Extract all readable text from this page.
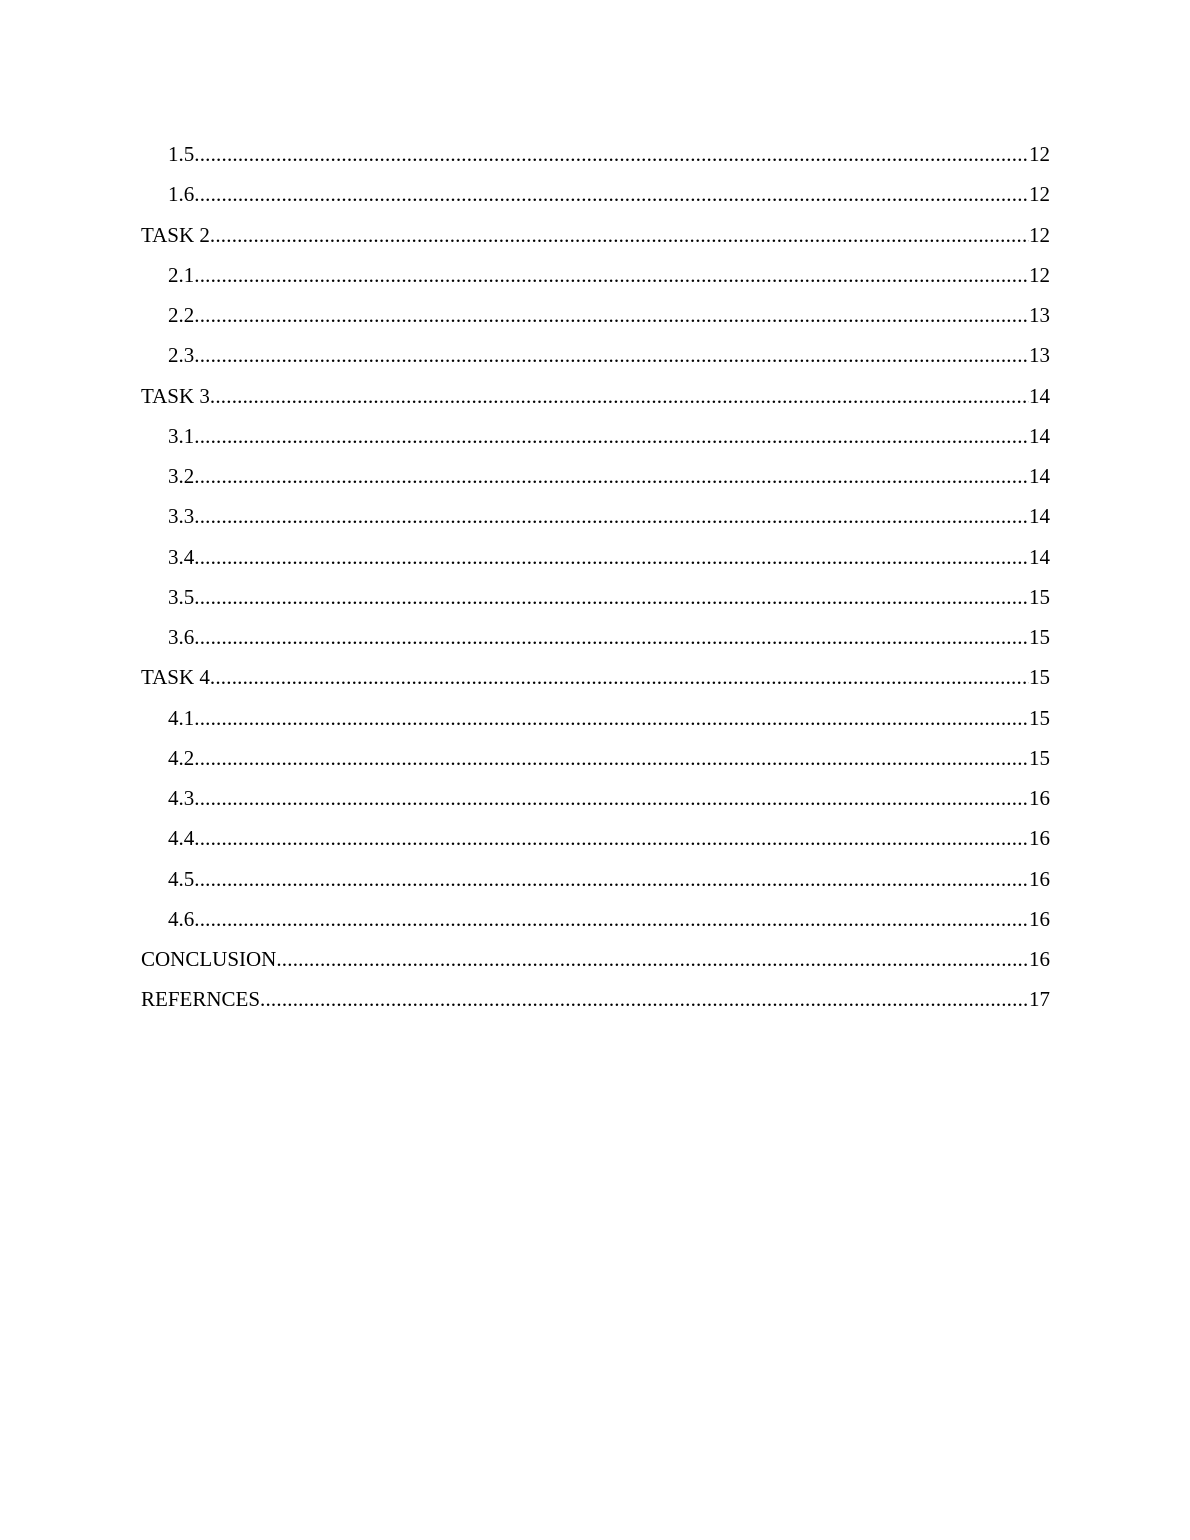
1.5 .....	12
1.6 .....	12
TASK 2 .....	12
2.1 .....	12
2.2 .....	13
2.3 .....	13
TASK 3 .....	14
3.1 .....	14
3.2 .....	14
3.3 .....	14
3.4 .....	14
3.5 .....	15
3.6 .....	15
TASK 4 .....	15
4.1 .....	15
4.2 .....	15
4.3 .....	16
4.4 .....	16
4.5 .....	16
4.6 .....	16
CONCLUSION .....	16
REFERNCES .....	17
